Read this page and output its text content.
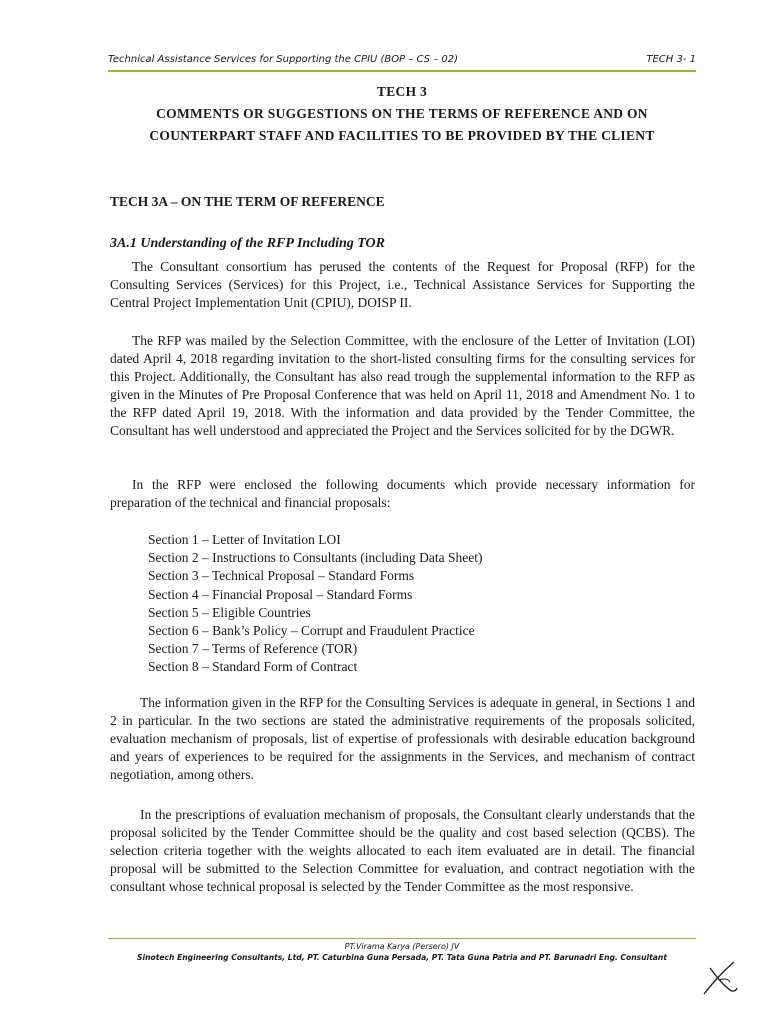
Technical Assistance Services for Supporting the CPIU (BOP – CS – 02)	TECH 3- 1
TECH 3
COMMENTS OR SUGGESTIONS ON THE TERMS OF REFERENCE AND ON
COUNTERPART STAFF AND FACILITIES TO BE PROVIDED BY THE CLIENT
TECH 3A – ON THE TERM OF REFERENCE
3A.1 Understanding of the RFP Including TOR
The Consultant consortium has perused the contents of the Request for Proposal (RFP) for the Consulting Services (Services) for this Project, i.e., Technical Assistance Services for Supporting the Central Project Implementation Unit (CPIU), DOISP II.
The RFP was mailed by the Selection Committee, with the enclosure of the Letter of Invitation (LOI) dated April 4, 2018 regarding invitation to the short-listed consulting firms for the consulting services for this Project. Additionally, the Consultant has also read trough the supplemental information to the RFP as given in the Minutes of Pre Proposal Conference that was held on April 11, 2018 and Amendment No. 1 to the RFP dated April 19, 2018. With the information and data provided by the Tender Committee, the Consultant has well understood and appreciated the Project and the Services solicited for by the DGWR.
In the RFP were enclosed the following documents which provide necessary information for preparation of the technical and financial proposals:
Section 1 – Letter of Invitation LOI
Section 2 – Instructions to Consultants (including Data Sheet)
Section 3 – Technical Proposal – Standard Forms
Section 4 – Financial Proposal – Standard Forms
Section 5 – Eligible Countries
Section 6 – Bank’s Policy – Corrupt and Fraudulent Practice
Section 7 – Terms of Reference (TOR)
Section 8 – Standard Form of Contract
The information given in the RFP for the Consulting Services is adequate in general, in Sections 1 and 2 in particular. In the two sections are stated the administrative requirements of the proposals solicited, evaluation mechanism of proposals, list of expertise of professionals with desirable education background and years of experiences to be required for the assignments in the Services, and mechanism of contract negotiation, among others.
In the prescriptions of evaluation mechanism of proposals, the Consultant clearly understands that the proposal solicited by the Tender Committee should be the quality and cost based selection (QCBS). The selection criteria together with the weights allocated to each item evaluated are in detail. The financial proposal will be submitted to the Selection Committee for evaluation, and contract negotiation with the consultant whose technical proposal is selected by the Tender Committee as the most responsive.
PT.Virama Karya (Persero) JV
Sinotech Engineering Consultants, Ltd, PT. Caturbina Guna Persada, PT. Tata Guna Patria and PT. Barunadri Eng. Consultant
